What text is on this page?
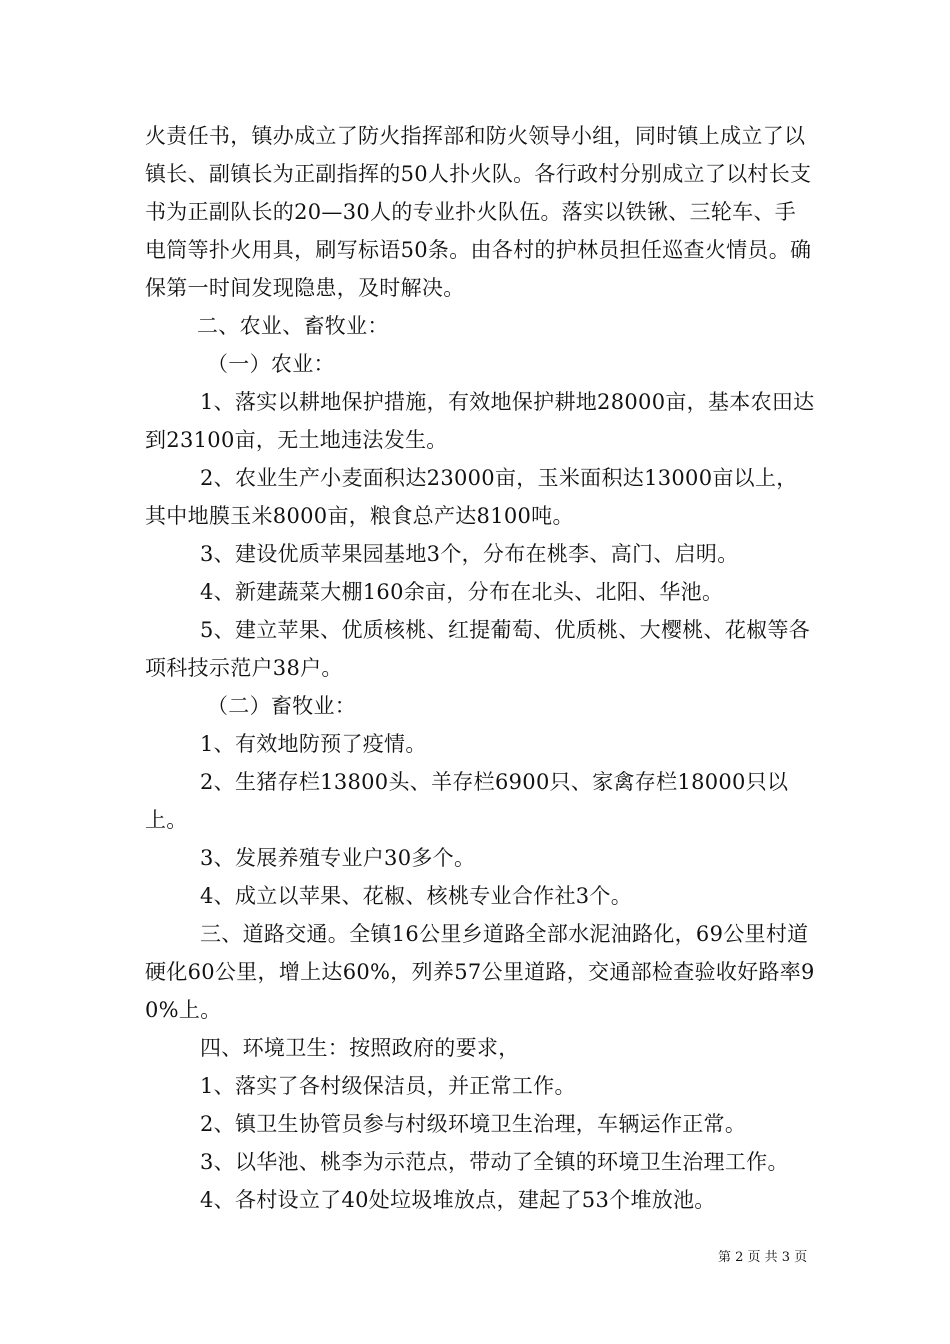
火责任书，镇办成立了防火指挥部和防火领导小组，同时镇上成立了以镇长、副镇长为正副指挥的50人扑火队。各行政村分别成立了以村长支书为正副队长的20—30人的专业扑火队伍。落实以铁锹、三轮车、手电筒等扑火用具，刷写标语50条。由各村的护林员担任巡查火情员。确保第一时间发现隐患，及时解决。

二、农业、畜牧业：

（一）农业：

1、落实以耕地保护措施，有效地保护耕地28000亩，基本农田达到23100亩，无土地违法发生。

2、农业生产小麦面积达23000亩，玉米面积达13000亩以上，其中地膜玉米8000亩，粮食总产达8100吨。

3、建设优质苹果园基地3个，分布在桃李、高门、启明。

4、新建蔬菜大棚160余亩，分布在北头、北阳、华池。

5、建立苹果、优质核桃、红提葡萄、优质桃、大樱桃、花椒等各项科技示范户38户。

（二）畜牧业：

1、有效地防预了疫情。

2、生猪存栏13800头、羊存栏6900只、家禽存栏18000只以上。

3、发展养殖专业户30多个。

4、成立以苹果、花椒、核桃专业合作社3个。

三、道路交通。全镇16公里乡道路全部水泥油路化，69公里村道硬化60公里，增上达60%，列养57公里道路，交通部检查验收好路率90%上。

四、环境卫生：按照政府的要求，

1、落实了各村级保洁员，并正常工作。

2、镇卫生协管员参与村级环境卫生治理，车辆运作正常。

3、以华池、桃李为示范点，带动了全镇的环境卫生治理工作。

4、各村设立了40处垃圾堆放点，建起了53个堆放池。

第 2 页 共 3 页
